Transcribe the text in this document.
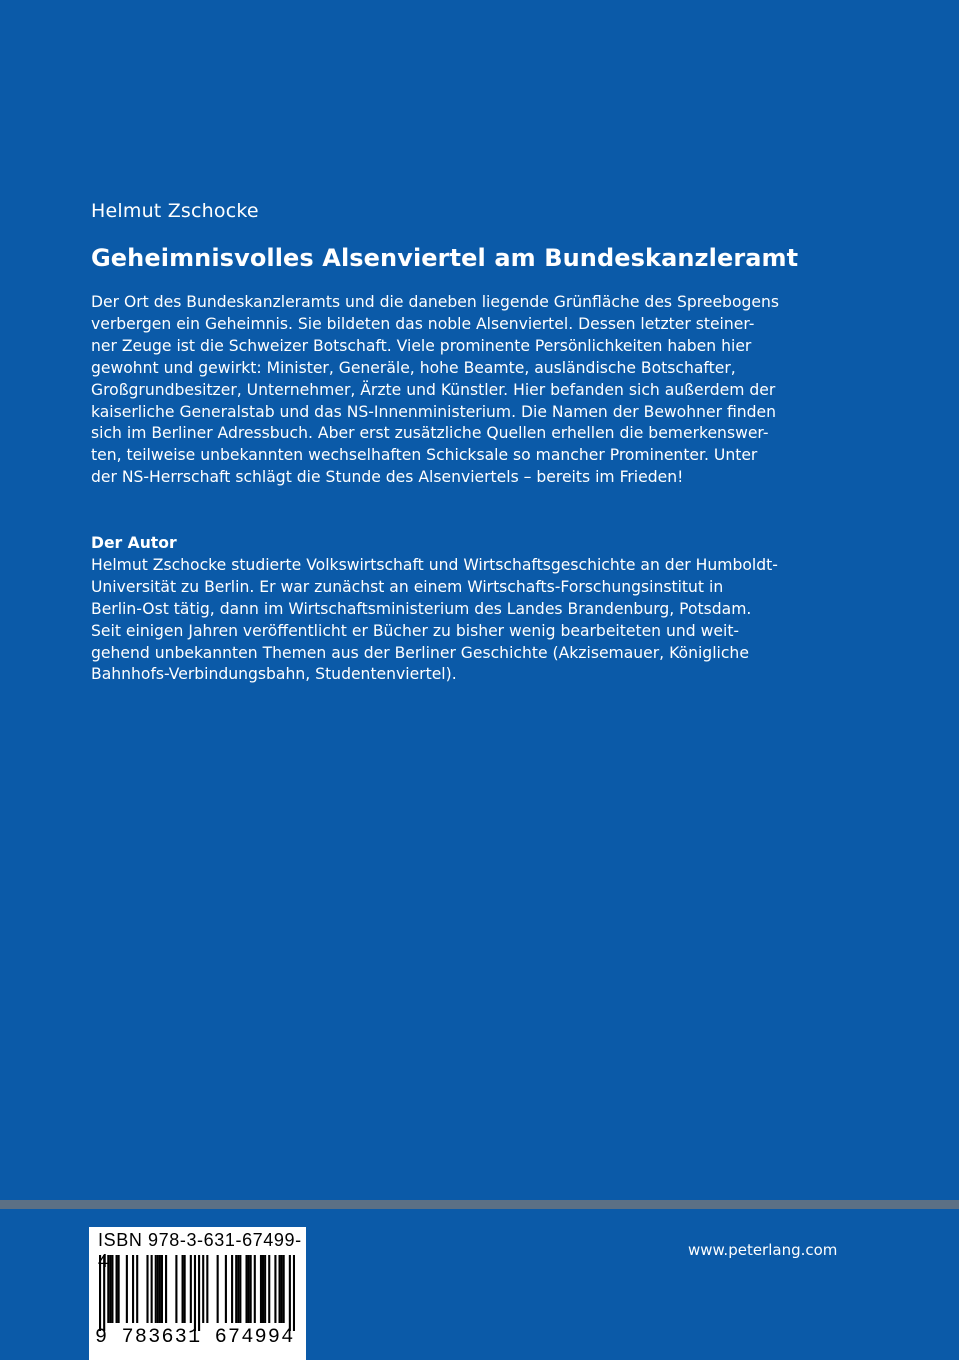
Helmut Zschocke
Geheimnisvolles Alsenviertel am Bundeskanzleramt
Der Ort des Bundeskanzleramts und die daneben liegende Grünfläche des Spreebogens
verbergen ein Geheimnis. Sie bildeten das noble Alsenviertel. Dessen letzter steiner-
ner Zeuge ist die Schweizer Botschaft. Viele prominente Persönlichkeiten haben hier
gewohnt und gewirkt: Minister, Generäle, hohe Beamte, ausländische Botschafter,
Großgrundbesitzer, Unternehmer, Ärzte und Künstler. Hier befanden sich außerdem der
kaiserliche Generalstab und das NS-Innenministerium. Die Namen der Bewohner finden
sich im Berliner Adressbuch. Aber erst zusätzliche Quellen erhellen die bemerkenswer-
ten, teilweise unbekannten wechselhaften Schicksale so mancher Prominenter. Unter
der NS-Herrschaft schlägt die Stunde des Alsenviertels – bereits im Frieden!
Der Autor
Helmut Zschocke studierte Volkswirtschaft und Wirtschaftsgeschichte an der Humboldt-
Universität zu Berlin. Er war zunächst an einem Wirtschafts-Forschungsinstitut in
Berlin-Ost tätig, dann im Wirtschaftsministerium des Landes Brandenburg, Potsdam.
Seit einigen Jahren veröffentlicht er Bücher zu bisher wenig bearbeiteten und weit-
gehend unbekannten Themen aus der Berliner Geschichte (Akzisemauer, Königliche
Bahnhofs-Verbindungsbahn, Studentenviertel).
ISBN 978-3-631-67499-
9 783631 674994
www.peterlang.com
